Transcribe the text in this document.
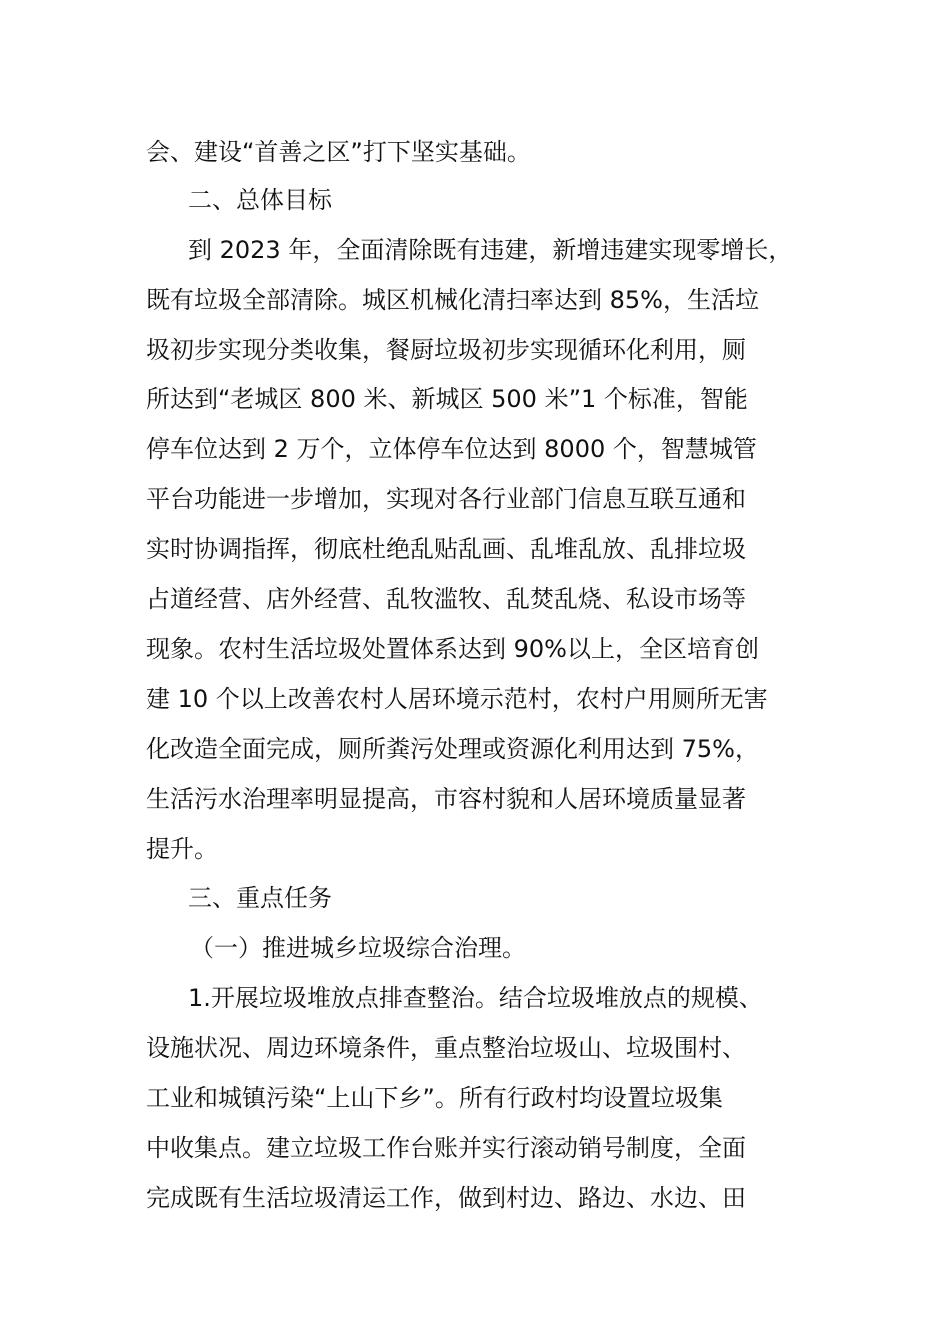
会、建设“首善之区”打下坚实基础。
二、总体目标
到 2023 年，全面清除既有违建，新增违建实现零增长，
既有垃圾全部清除。城区机械化清扫率达到 85%，生活垃
圾初步实现分类收集，餐厨垃圾初步实现循环化利用，厕
所达到“老城区 800 米、新城区 500 米”1 个标准，智能
停车位达到 2 万个，立体停车位达到 8000 个，智慧城管
平台功能进一步增加，实现对各行业部门信息互联互通和
实时协调指挥，彻底杜绝乱贴乱画、乱堆乱放、乱排垃圾
占道经营、店外经营、乱牧滥牧、乱焚乱烧、私设市场等
现象。农村生活垃圾处置体系达到 90%以上，全区培育创
建 10 个以上改善农村人居环境示范村，农村户用厕所无害
化改造全面完成，厕所粪污处理或资源化利用达到 75%，
生活污水治理率明显提高，市容村貌和人居环境质量显著
提升。
三、重点任务
（一）推进城乡垃圾综合治理。
1.开展垃圾堆放点排查整治。结合垃圾堆放点的规模、
设施状况、周边环境条件，重点整治垃圾山、垃圾围村、
工业和城镇污染“上山下乡”。所有行政村均设置垃圾集
中收集点。建立垃圾工作台账并实行滚动销号制度，全面
完成既有生活垃圾清运工作，做到村边、路边、水边、田
